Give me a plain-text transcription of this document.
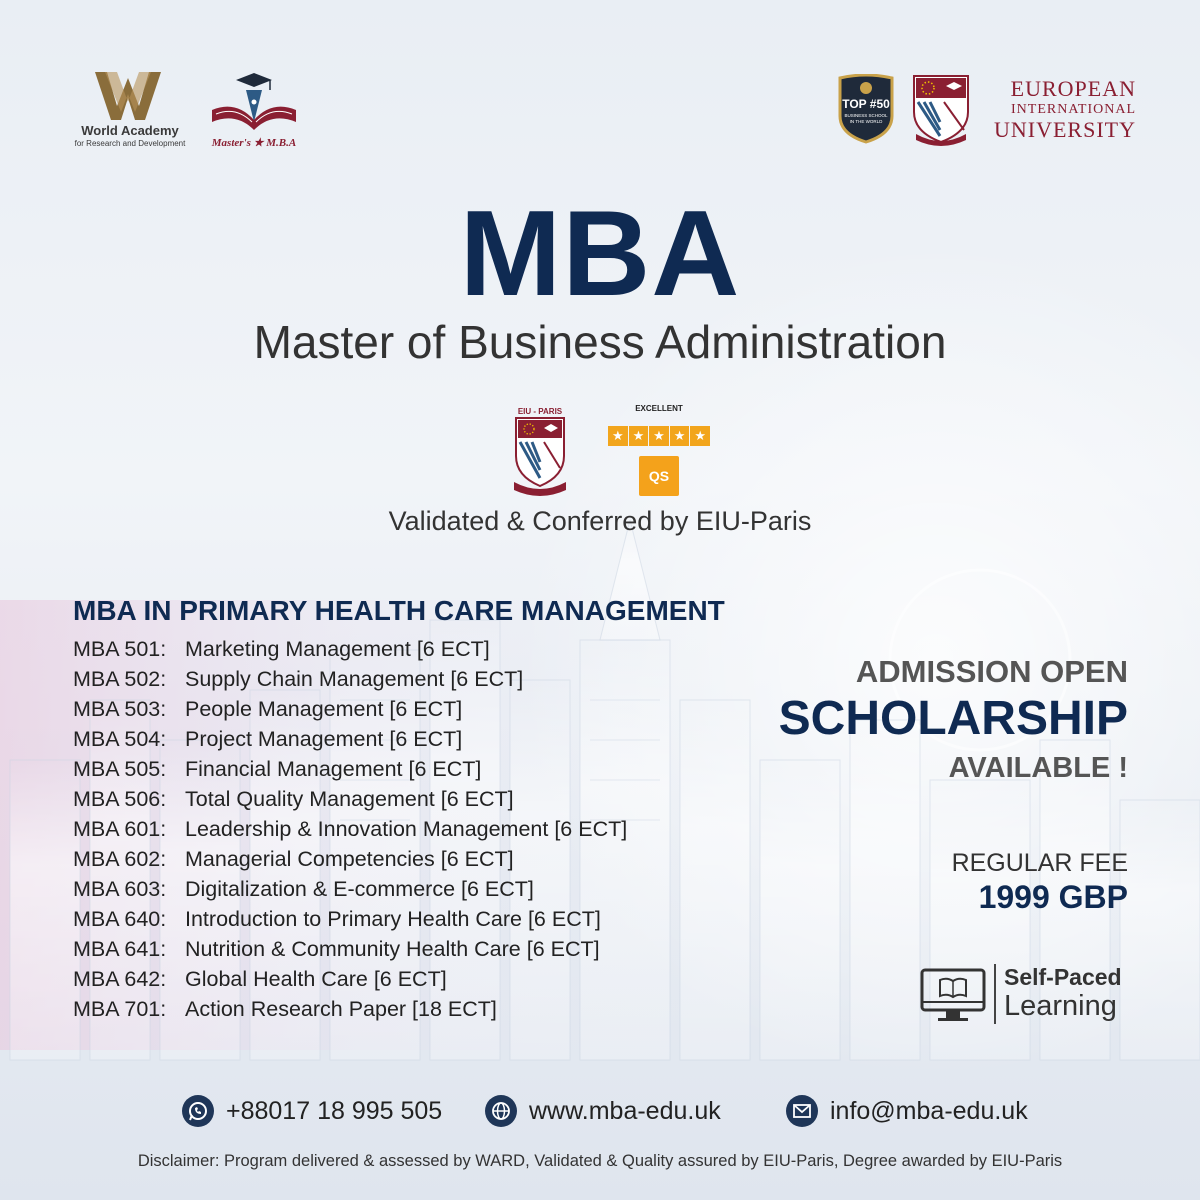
World Academy
for Research and Development	Master's ★ M.B.A
TOP #50
BUSINESS SCHOOL
IN THE WORLD
EUROPEAN
INTERNATIONAL
UNIVERSITY
MBA
Master of Business Administration
EIU - PARIS	EXCELLENT
★ ★ ★ ★ ★
QS
Validated & Conferred by EIU-Paris
MBA IN PRIMARY HEALTH CARE MANAGEMENT
MBA 501: Marketing Management [6 ECT]
MBA 502: Supply Chain Management [6 ECT]
MBA 503: People Management [6 ECT]
MBA 504: Project Management [6 ECT]
MBA 505: Financial Management [6 ECT]
MBA 506: Total Quality Management [6 ECT]
MBA 601: Leadership & Innovation Management [6 ECT]
MBA 602: Managerial Competencies [6 ECT]
MBA 603: Digitalization & E-commerce [6 ECT]
MBA 640: Introduction to Primary Health Care [6 ECT]
MBA 641: Nutrition & Community Health Care [6 ECT]
MBA 642: Global Health Care [6 ECT]
MBA 701: Action Research Paper [18 ECT]
ADMISSION OPEN
SCHOLARSHIP
AVAILABLE !
REGULAR FEE
1999 GBP
Self-Paced
Learning
+88017 18 995 505	www.mba-edu.uk	info@mba-edu.uk
Disclaimer: Program delivered & assessed by WARD, Validated & Quality assured by EIU-Paris, Degree awarded by EIU-Paris
